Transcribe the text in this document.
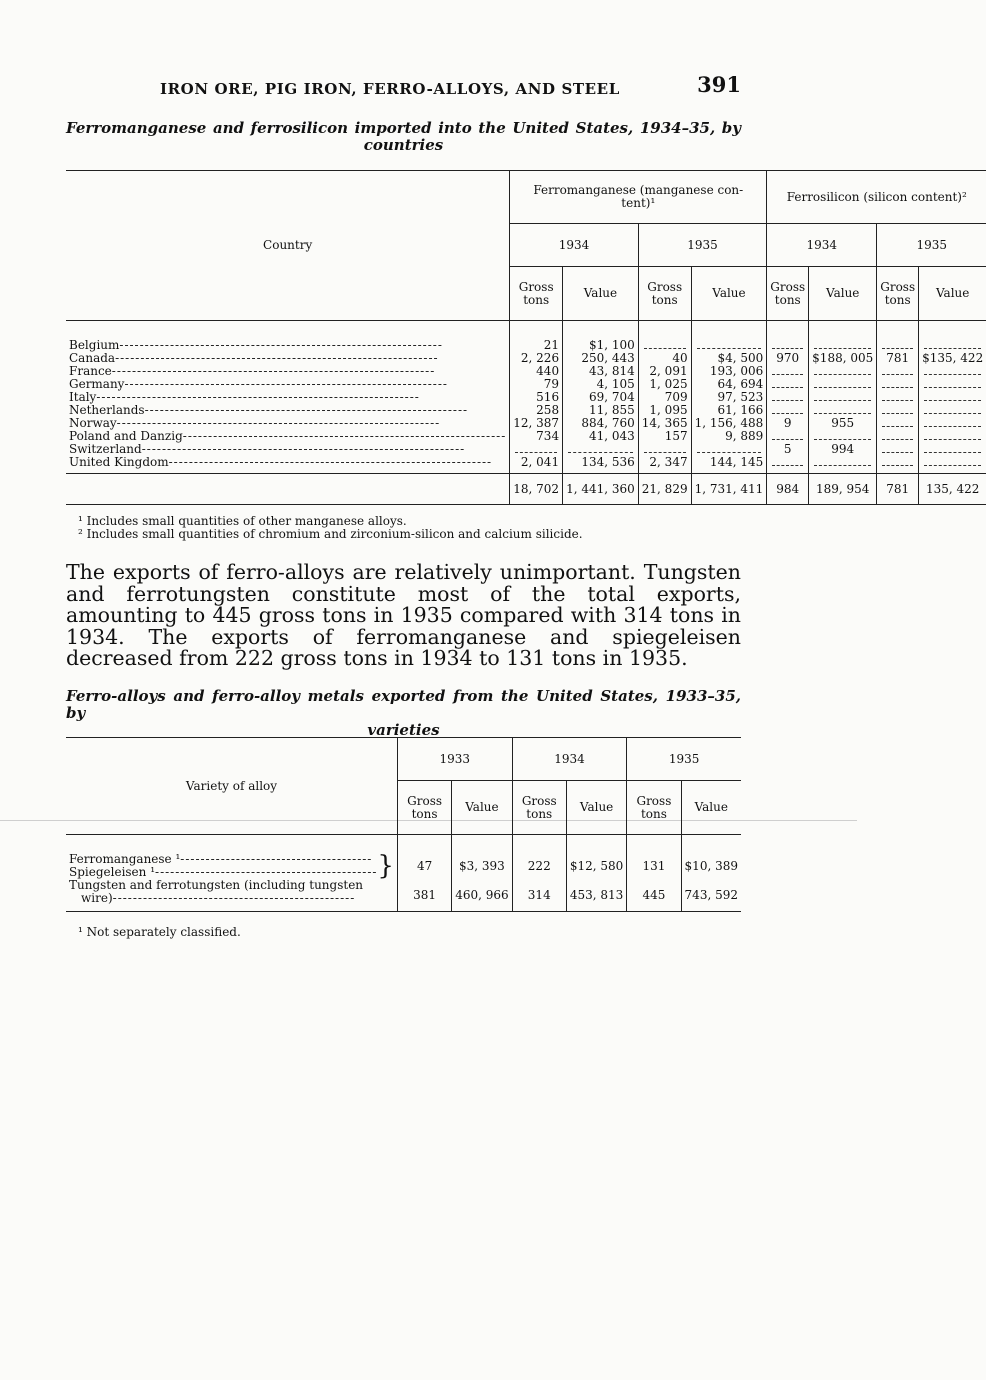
IRON ORE, PIG IRON, FERRO-ALLOYS, AND STEEL	391
Ferromanganese and ferrosilicon imported into the United States, 1934–35, by
countries
Country	Ferromanganese (manganese con-tent)¹				Ferrosilicon (silicon content)²			
	1934		1935		1934		1935	
	Gross tons	Value	Gross tons	Value	Gross tons	Value	Gross tons	Value

Belgium -----	21	$1, 100	

Canada -----	2, 226	250, 443	40	$4, 500	970	$188, 005	781	$135, 422
France -----	440	43, 814	2, 091	193, 006	

Germany -----	79	4, 105	1, 025	64, 694	

Italy -----	516	69, 704	709	97, 523	

Netherlands -----	258	11, 855	1, 095	61, 166	

Norway -----	12, 387	884, 760	14, 365	1, 156, 488	9	955	

Poland and Danzig -----	734	41, 043	157	9, 889	

Switzerland -----					5	994	

United Kingdom -----	2, 041	134, 536	2, 347	144, 145	

	18, 702	1, 441, 360	21, 829	1, 731, 411	984	189, 954	781	135, 422
¹ Includes small quantities of other manganese alloys.
² Includes small quantities of chromium and zirconium-silicon and calcium silicide.
The exports of ferro-alloys are relatively unimportant. Tungsten and ferrotungsten constitute most of the total exports, amounting to 445 gross tons in 1935 compared with 314 tons in 1934. The exports of ferromanganese and spiegeleisen decreased from 222 gross tons in 1934 to 131 tons in 1935.
Ferro-alloys and ferro-alloy metals exported from the United States, 1933–35, by
varieties
Variety of alloy	1933		1934		1935	
	Gross tons	Value	Gross tons	Value	Gross tons	Value

Ferromanganese ¹--------------------------------------
Spiegeleisen ¹-------------------------------------------- }	47	$3, 393	222	$12, 580	131	$10, 389

Tungsten and ferrotungsten (including tungsten
wire)------------------------------------------------	381	460, 966	314	453, 813	445	743, 592
¹ Not separately classified.
